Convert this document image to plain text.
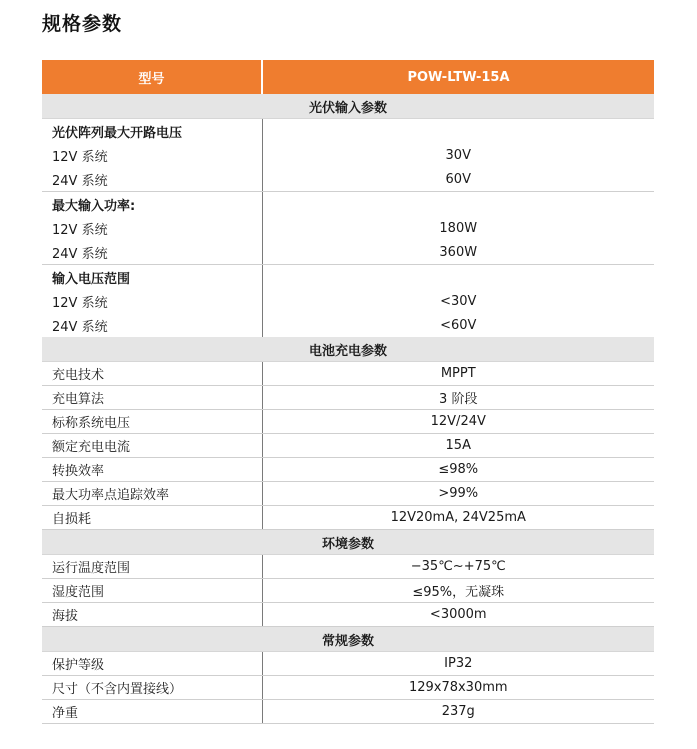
规格参数
型号	POW-LTW-15A
光伏输入参数	
光伏阵列最大开路电压	
12V 系统	30V
24V 系统	60V
最大输入功率:	
12V 系统	180W
24V 系统	360W
输入电压范围	
12V 系统	<30V
24V 系统	<60V
电池充电参数	
充电技术	MPPT
充电算法	3 阶段
标称系统电压	12V/24V
额定充电电流	15A
转换效率	≤98%
最大功率点追踪效率	>99%
自损耗	12V20mA, 24V25mA
环境参数	
运行温度范围	−35℃~+75℃
湿度范围	≤95%，无凝珠
海拔	<3000m
常规参数	
保护等级	IP32
尺寸（不含内置接线）	129x78x30mm
净重	237g
